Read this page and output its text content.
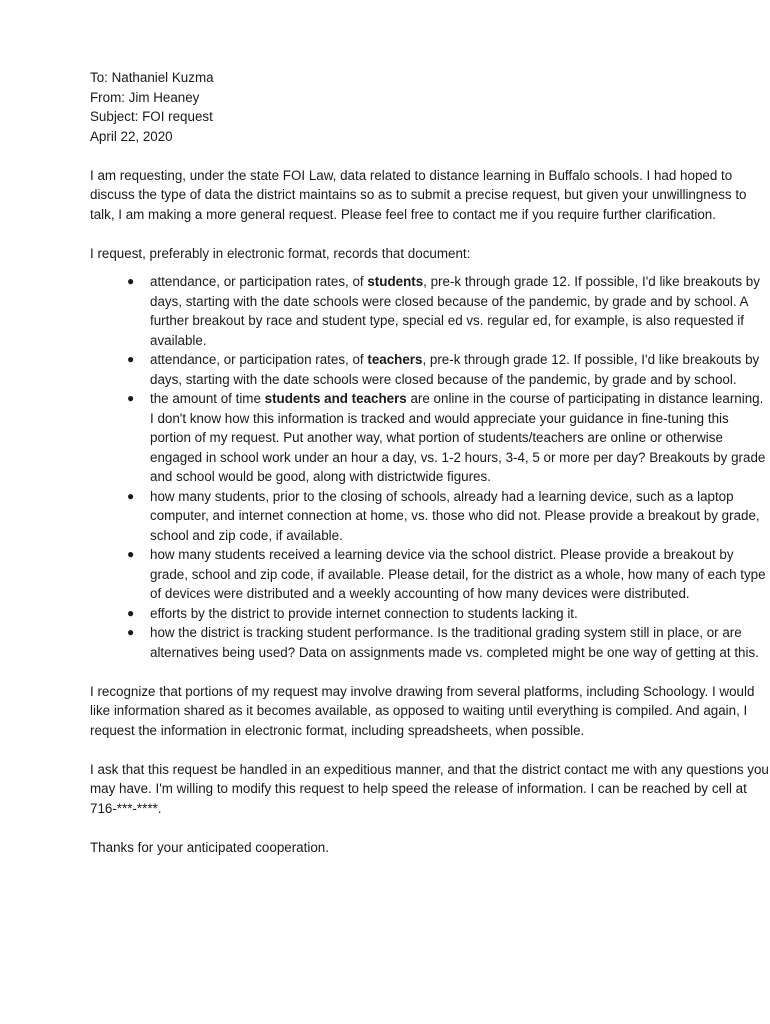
To: Nathaniel Kuzma

From: Jim Heaney

Subject: FOI request

April 22, 2020

I am requesting, under the state FOI Law, data related to distance learning in Buffalo schools. I had hoped to discuss the type of data the district maintains so as to submit a precise request, but given your unwillingness to talk, I am making a more general request. Please feel free to contact me if you require further clarification.

I request, preferably in electronic format, records that document:

● attendance, or participation rates, of students, pre-k through grade 12. If possible, I'd like breakouts by days, starting with the date schools were closed because of the pandemic, by grade and by school. A further breakout by race and student type, special ed vs. regular ed, for example, is also requested if available.
● attendance, or participation rates, of teachers, pre-k through grade 12. If possible, I'd like breakouts by days, starting with the date schools were closed because of the pandemic, by grade and by school.
● the amount of time students and teachers are online in the course of participating in distance learning. I don't know how this information is tracked and would appreciate your guidance in fine-tuning this portion of my request. Put another way, what portion of students/teachers are online or otherwise engaged in school work under an hour a day, vs. 1-2 hours, 3-4, 5 or more per day? Breakouts by grade and school would be good, along with districtwide figures.
● how many students, prior to the closing of schools, already had a learning device, such as a laptop computer, and internet connection at home, vs. those who did not. Please provide a breakout by grade, school and zip code, if available.
● how many students received a learning device via the school district. Please provide a breakout by grade, school and zip code, if available. Please detail, for the district as a whole, how many of each type of devices were distributed and a weekly accounting of how many devices were distributed.
● efforts by the district to provide internet connection to students lacking it.
● how the district is tracking student performance. Is the traditional grading system still in place, or are alternatives being used? Data on assignments made vs. completed might be one way of getting at this.

I recognize that portions of my request may involve drawing from several platforms, including Schoology. I would like information shared as it becomes available, as opposed to waiting until everything is compiled. And again, I request the information in electronic format, including spreadsheets, when possible.

I ask that this request be handled in an expeditious manner, and that the district contact me with any questions you may have. I'm willing to modify this request to help speed the release of information. I can be reached by cell at 716-***-****.

Thanks for your anticipated cooperation.
